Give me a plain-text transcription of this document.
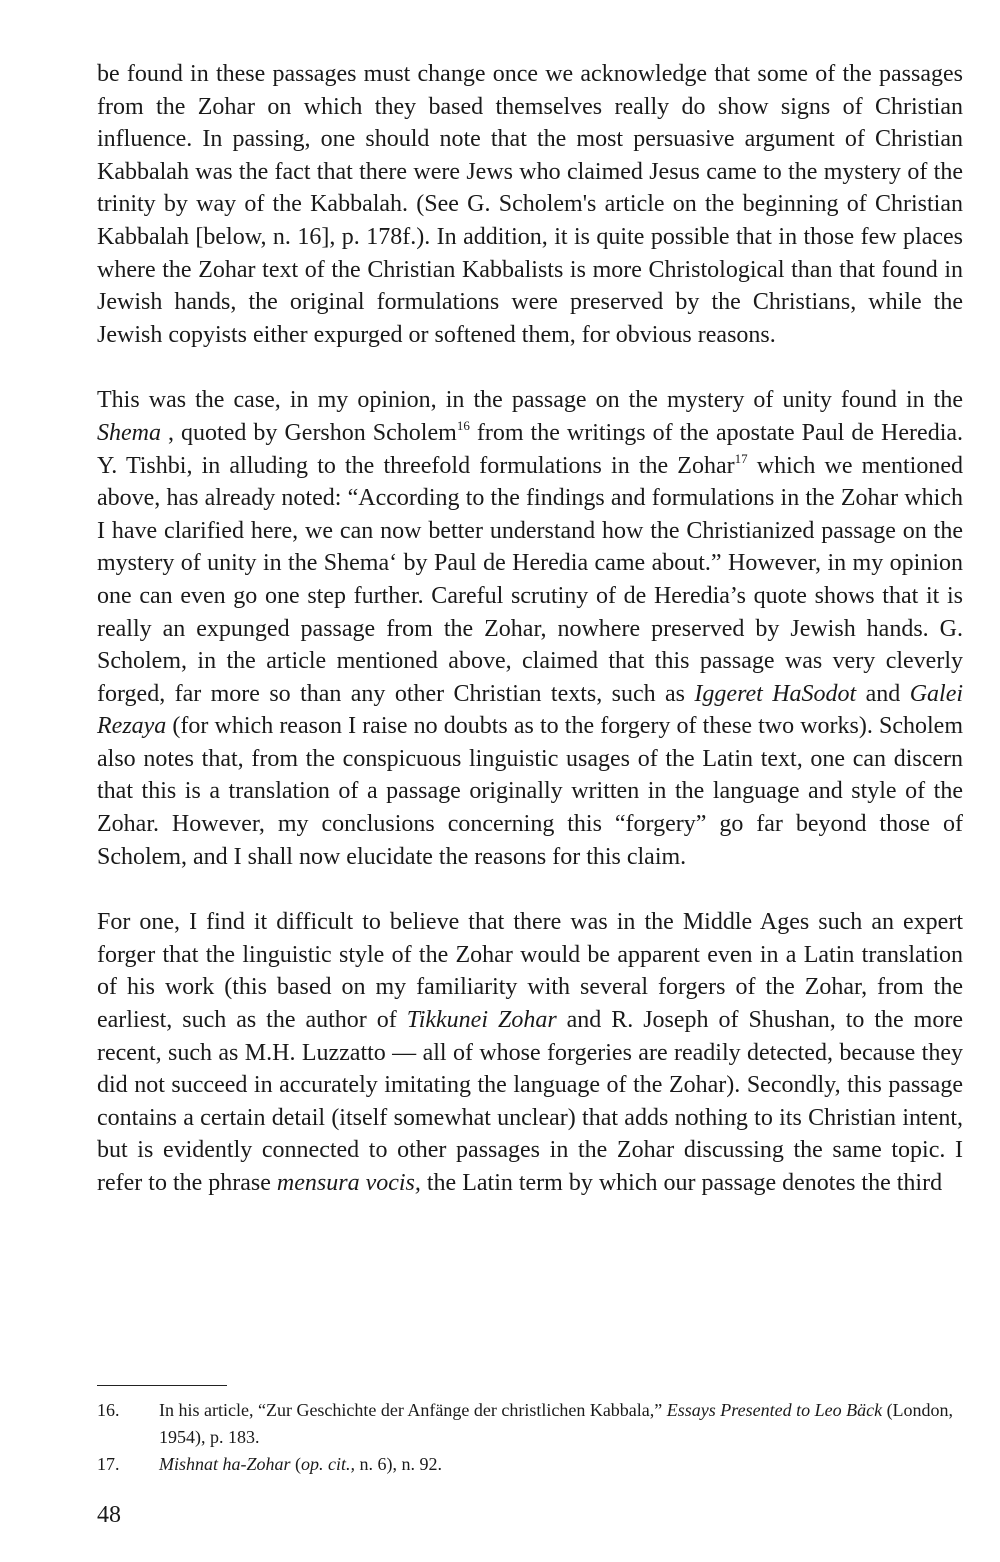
be found in these passages must change once we acknowledge that some of the passages from the Zohar on which they based themselves really do show signs of Christian influence. In passing, one should note that the most persuasive argument of Christian Kabbalah was the fact that there were Jews who claimed Jesus came to the mystery of the trinity by way of the Kabbalah. (See G. Scholem's article on the beginning of Christian Kabbalah [below, n. 16], p. 178f.). In addition, it is quite possible that in those few places where the Zohar text of the Christian Kabbalists is more Christological than that found in Jewish hands, the original formulations were preserved by the Christians, while the Jewish copyists either expurged or softened them, for obvious reasons.

This was the case, in my opinion, in the passage on the mystery of unity found in the Shema , quoted by Gershon Scholem$^{16}$ from the writings of the apostate Paul de Heredia. Y. Tishbi, in alluding to the threefold formulations in the Zohar$^{17}$ which we mentioned above, has already noted: “According to the findings and formulations in the Zohar which I have clarified here, we can now better understand how the Christianized passage on the mystery of unity in the Shema‘ by Paul de Heredia came about.” However, in my opinion one can even go one step further. Careful scrutiny of de Heredia’s quote shows that it is really an expunged passage from the Zohar, nowhere preserved by Jewish hands. G. Scholem, in the article mentioned above, claimed that this passage was very cleverly forged, far more so than any other Christian texts, such as Iggeret HaSodot and Galei Rezaya (for which reason I raise no doubts as to the forgery of these two works). Scholem also notes that, from the conspicuous linguistic usages of the Latin text, one can discern that this is a translation of a passage originally written in the language and style of the Zohar. However, my conclusions concerning this “forgery” go far beyond those of Scholem, and I shall now elucidate the reasons for this claim.

For one, I find it difficult to believe that there was in the Middle Ages such an expert forger that the linguistic style of the Zohar would be apparent even in a Latin translation of his work (this based on my familiarity with several forgers of the Zohar, from the earliest, such as the author of Tikkunei Zohar and R. Joseph of Shushan, to the more recent, such as M.H. Luzzatto — all of whose forgeries are readily detected, because they did not succeed in accurately imitating the language of the Zohar). Secondly, this passage contains a certain detail (itself somewhat unclear) that adds nothing to its Christian intent, but is evidently connected to other passages in the Zohar discussing the same topic. I refer to the phrase mensura vocis, the Latin term by which our passage denotes the third

16.	In his article, “Zur Geschichte der Anfänge der christlichen Kabbala,” Essays Presented to Leo Bäck (London, 1954), p. 183.
17.	Mishnat ha-Zohar (op. cit., n. 6), n. 92.
48
